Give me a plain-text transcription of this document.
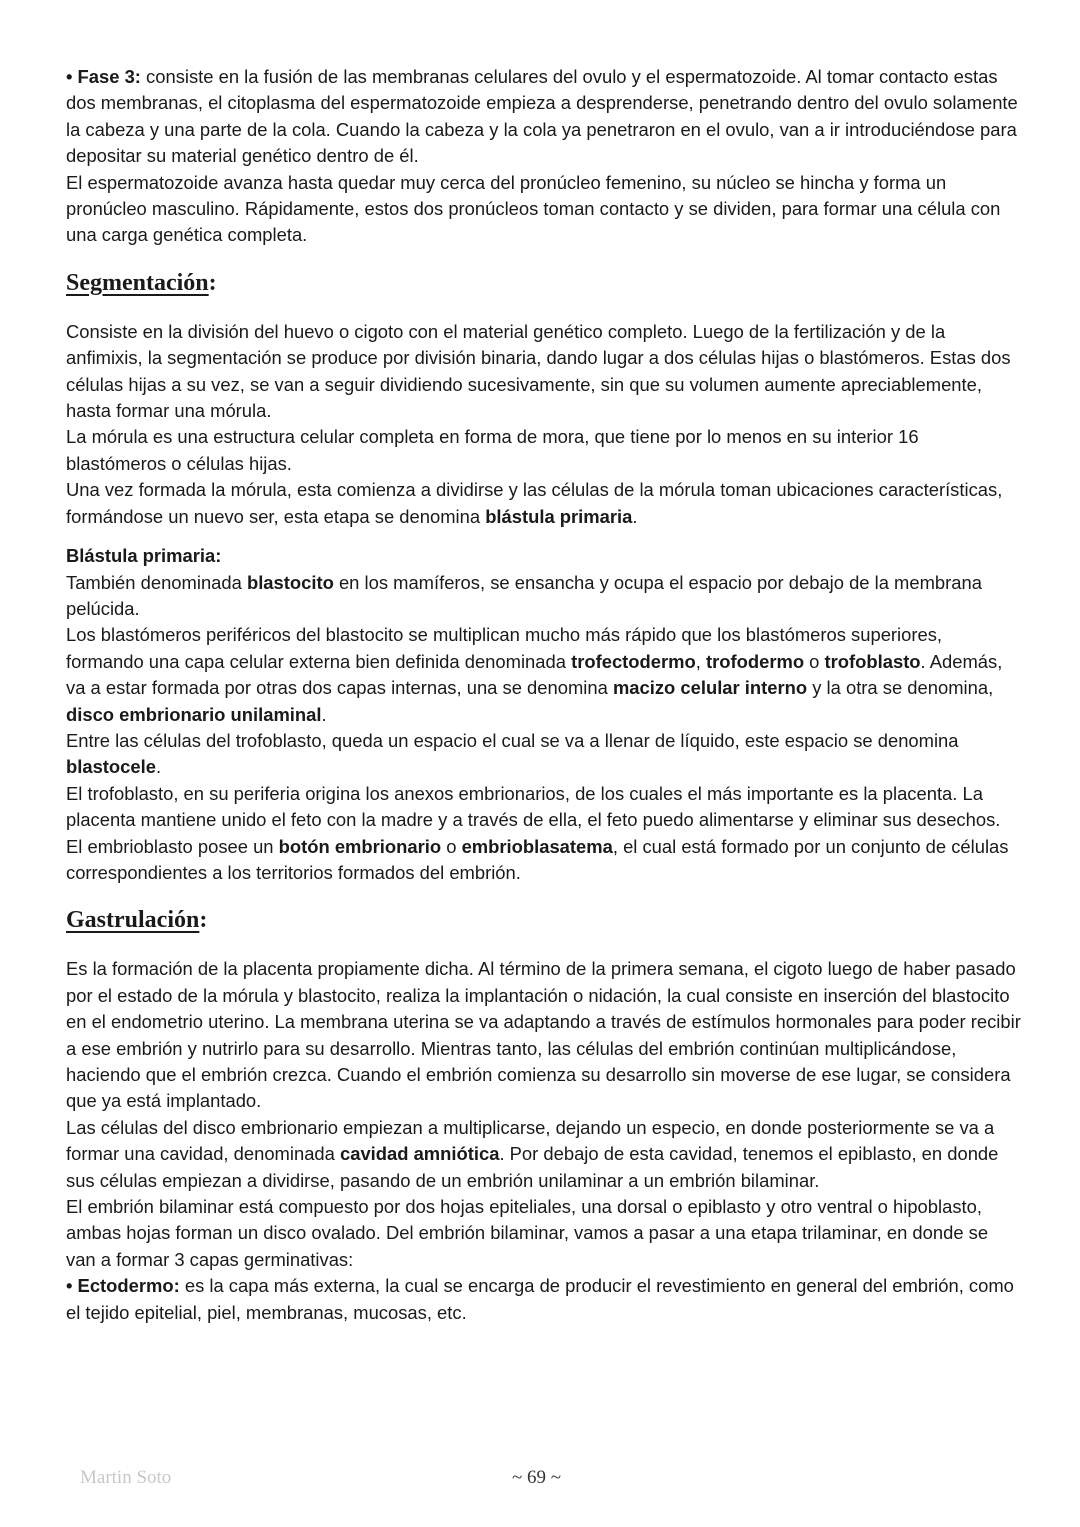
• Fase 3: consiste en la fusión de las membranas celulares del ovulo y el espermatozoide. Al tomar contacto estas dos membranas, el citoplasma del espermatozoide empieza a desprenderse, penetrando dentro del ovulo solamente la cabeza y una parte de la cola. Cuando la cabeza y la cola ya penetraron en el ovulo, van a ir introduciéndose para depositar su material genético dentro de él.

El espermatozoide avanza hasta quedar muy cerca del pronúcleo femenino, su núcleo se hincha y forma un pronúcleo masculino. Rápidamente, estos dos pronúcleos toman contacto y se dividen, para formar una célula con una carga genética completa.

Segmentación:

Consiste en la división del huevo o cigoto con el material genético completo. Luego de la fertilización y de la anfimixis, la segmentación se produce por división binaria, dando lugar a dos células hijas o blastómeros. Estas dos células hijas a su vez, se van a seguir dividiendo sucesivamente, sin que su volumen aumente apreciablemente, hasta formar una mórula.

La mórula es una estructura celular completa en forma de mora, que tiene por lo menos en su interior 16 blastómeros o células hijas.

Una vez formada la mórula, esta comienza a dividirse y las células de la mórula toman ubicaciones características, formándose un nuevo ser, esta etapa se denomina blástula primaria.

Blástula primaria:

También denominada blastocito en los mamíferos, se ensancha y ocupa el espacio por debajo de la membrana pelúcida.

Los blastómeros periféricos del blastocito se multiplican mucho más rápido que los blastómeros superiores, formando una capa celular externa bien definida denominada trofectodermo, trofodermo o trofoblasto. Además, va a estar formada por otras dos capas internas, una se denomina macizo celular interno y la otra se denomina, disco embrionario unilaminal.

Entre las células del trofoblasto, queda un espacio el cual se va a llenar de líquido, este espacio se denomina blastocele.

El trofoblasto, en su periferia origina los anexos embrionarios, de los cuales el más importante es la placenta. La placenta mantiene unido el feto con la madre y a través de ella, el feto puedo alimentarse y eliminar sus desechos.

El embrioblasto posee un botón embrionario o embrioblasatema, el cual está formado por un conjunto de células correspondientes a los territorios formados del embrión.

Gastrulación:

Es la formación de la placenta propiamente dicha. Al término de la primera semana, el cigoto luego de haber pasado por el estado de la mórula y blastocito, realiza la implantación o nidación, la cual consiste en inserción del blastocito en el endometrio uterino. La membrana uterina se va adaptando a través de estímulos hormonales para poder recibir a ese embrión y nutrirlo para su desarrollo. Mientras tanto, las células del embrión continúan multiplicándose, haciendo que el embrión crezca. Cuando el embrión comienza su desarrollo sin moverse de ese lugar, se considera que ya está implantado.

Las células del disco embrionario empiezan a multiplicarse, dejando un especio, en donde posteriormente se va a formar una cavidad, denominada cavidad amniótica. Por debajo de esta cavidad, tenemos el epiblasto, en donde sus células empiezan a dividirse, pasando de un embrión unilaminar a un embrión bilaminar.

El embrión bilaminar está compuesto por dos hojas epiteliales, una dorsal o epiblasto y otro ventral o hipoblasto, ambas hojas forman un disco ovalado. Del embrión bilaminar, vamos a pasar a una etapa trilaminar, en donde se van a formar 3 capas germinativas:

• Ectodermo: es la capa más externa, la cual se encarga de producir el revestimiento en general del embrión, como el tejido epitelial, piel, membranas, mucosas, etc.

Martin Soto	~ 69 ~
